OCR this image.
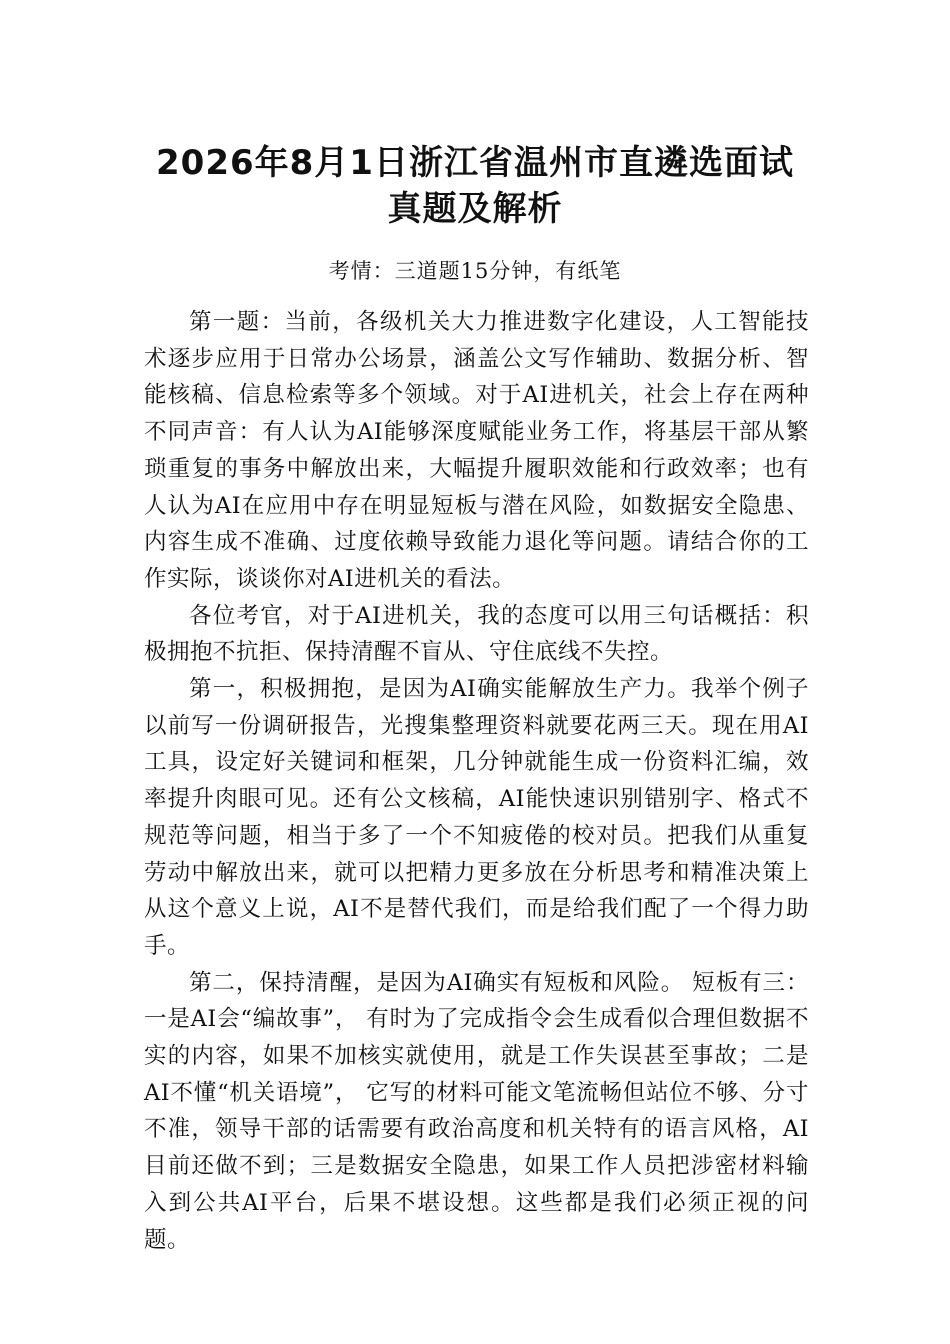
2026年8月1日浙江省温州市直遴选面试
真题及解析

考情：三道题15分钟，有纸笔

第一题：当前，各级机关大力推进数字化建设，人工智能技术逐步应用于日常办公场景，涵盖公文写作辅助、数据分析、智能核稿、信息检索等多个领域。对于AI进机关，社会上存在两种不同声音：有人认为AI能够深度赋能业务工作，将基层干部从繁琐重复的事务中解放出来，大幅提升履职效能和行政效率；也有人认为AI在应用中存在明显短板与潜在风险，如数据安全隐患、内容生成不准确、过度依赖导致能力退化等问题。请结合你的工作实际，谈谈你对AI进机关的看法。

各位考官，对于AI进机关，我的态度可以用三句话概括：积极拥抱不抗拒、保持清醒不盲从、守住底线不失控。

第一，积极拥抱，是因为AI确实能解放生产力。我举个例子以前写一份调研报告，光搜集整理资料就要花两三天。现在用AI工具，设定好关键词和框架，几分钟就能生成一份资料汇编，效率提升肉眼可见。还有公文核稿，AI能快速识别错别字、格式不规范等问题，相当于多了一个不知疲倦的校对员。把我们从重复劳动中解放出来，就可以把精力更多放在分析思考和精准决策上从这个意义上说，AI不是替代我们，而是给我们配了一个得力助手。

第二，保持清醒，是因为AI确实有短板和风险。 短板有三：一是AI会“编故事”， 有时为了完成指令会生成看似合理但数据不实的内容，如果不加核实就使用，就是工作失误甚至事故；二是AI不懂“机关语境”， 它写的材料可能文笔流畅但站位不够、分寸不准，领导干部的话需要有政治高度和机关特有的语言风格，AI目前还做不到；三是数据安全隐患，如果工作人员把涉密材料输入到公共AI平台，后果不堪设想。这些都是我们必须正视的问题。
